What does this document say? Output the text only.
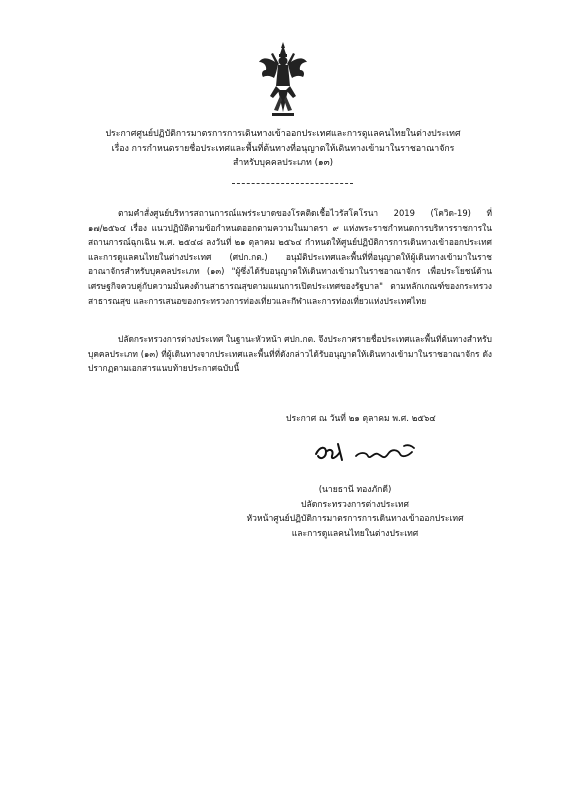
ประกาศศูนย์ปฏิบัติการมาตรการการเดินทางเข้าออกประเทศและการดูแลคนไทยในต่างประเทศ
เรื่อง การกำหนดรายชื่อประเทศและพื้นที่ต้นทางที่อนุญาตให้เดินทางเข้ามาในราชอาณาจักร
สำหรับบุคคลประเภท (๑๓)

ตามคำสั่งศูนย์บริหารสถานการณ์แพร่ระบาดของโรคติดเชื้อไวรัสโคโรนา 2019 (โควิด-19) ที่ ๑๗/๒๕๖๔ เรื่อง แนวปฏิบัติตามข้อกำหนดออกตามความในมาตรา ๙ แห่งพระราชกำหนดการบริหารราชการในสถานการณ์ฉุกเฉิน พ.ศ. ๒๕๔๘ ลงวันที่ ๒๑ ตุลาคม ๒๕๖๔ กำหนดให้ศูนย์ปฏิบัติการการเดินทางเข้าออกประเทศและการดูแลคนไทยในต่างประเทศ (ศปก.กต.) อนุมัติประเทศและพื้นที่ที่อนุญาตให้ผู้เดินทางเข้ามาในราชอาณาจักรสำหรับบุคคลประเภท (๑๓) "ผู้ซึ่งได้รับอนุญาตให้เดินทางเข้ามาในราชอาณาจักร เพื่อประโยชน์ด้านเศรษฐกิจควบคู่กับความมั่นคงด้านสาธารณสุขตามแผนการเปิดประเทศของรัฐบาล" ตามหลักเกณฑ์ของกระทรวงสาธารณสุข และการเสนอของกระทรวงการท่องเที่ยวและกีฬาและการท่องเที่ยวแห่งประเทศไทย

ปลัดกระทรวงการต่างประเทศ ในฐานะหัวหน้า ศปก.กต. จึงประกาศรายชื่อประเทศและพื้นที่ต้นทางสำหรับบุคคลประเภท (๑๓) ที่ผู้เดินทางจากประเทศและพื้นที่ที่ดังกล่าวได้รับอนุญาตให้เดินทางเข้ามาในราชอาณาจักร ดังปรากฏตามเอกสารแนบท้ายประกาศฉบับนี้

ประกาศ ณ วันที่ ๒๑ ตุลาคม พ.ศ. ๒๕๖๔
(นายธานี ทองภักดี)
ปลัดกระทรวงการต่างประเทศ
หัวหน้าศูนย์ปฏิบัติการมาตรการการเดินทางเข้าออกประเทศ
และการดูแลคนไทยในต่างประเทศ
